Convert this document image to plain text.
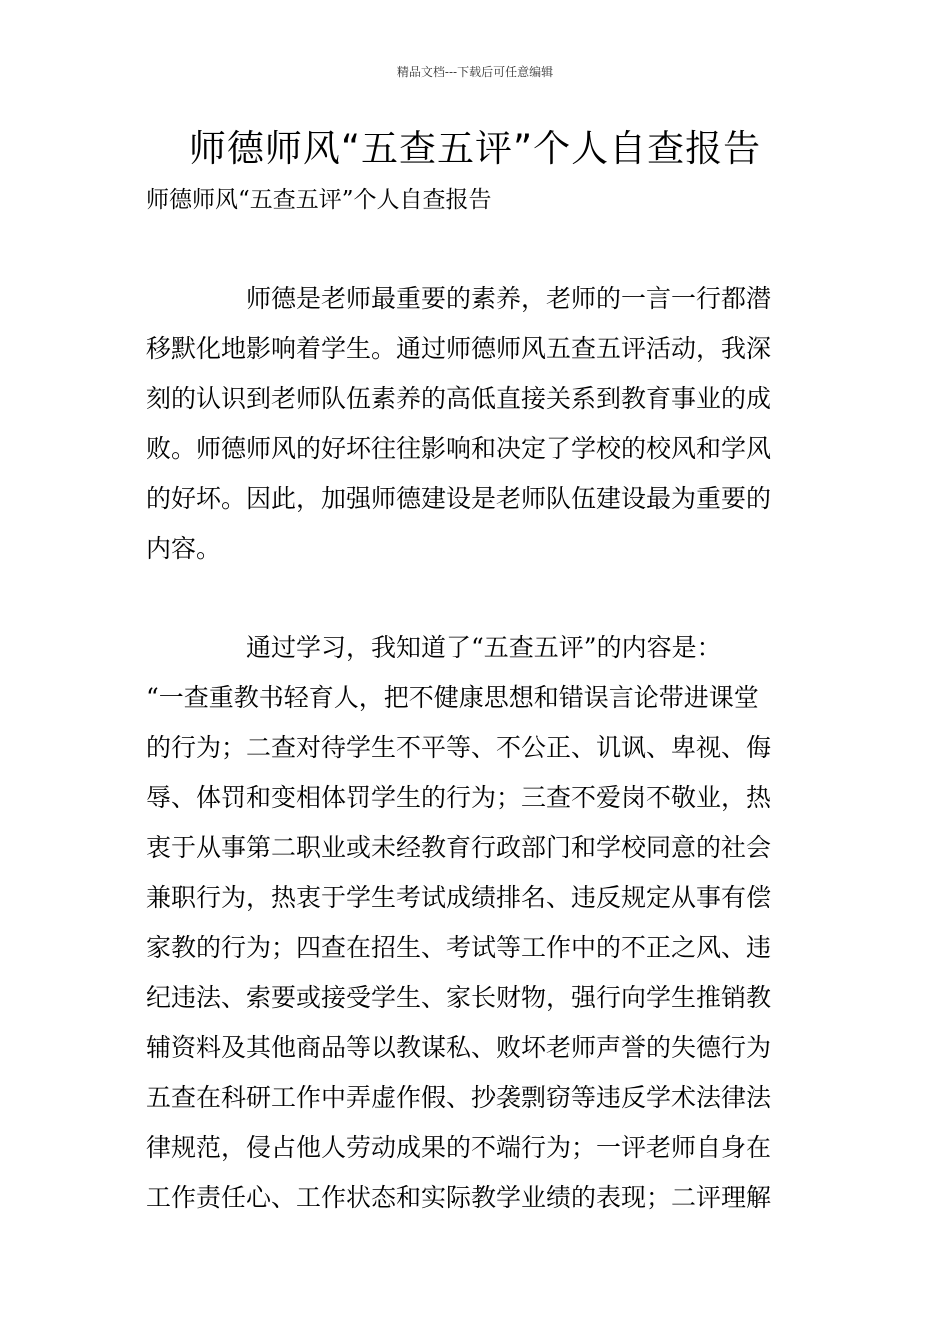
精品文档---下载后可任意编辑
师德师风“五查五评”个人自查报告
师德师风“五查五评”个人自查报告
　　　　师德是老师最重要的素养，老师的一言一行都潜
移默化地影响着学生。通过师德师风五查五评活动，我深
刻的认识到老师队伍素养的高低直接关系到教育事业的成
败。师德师风的好坏往往影响和决定了学校的校风和学风
的好坏。因此，加强师德建设是老师队伍建设最为重要的
内容。
　　　　通过学习，我知道了“五查五评”的内容是：
“一查重教书轻育人，把不健康思想和错误言论带进课堂
的行为；二查对待学生不平等、不公正、讥讽、卑视、侮
辱、体罚和变相体罚学生的行为；三查不爱岗不敬业，热
衷于从事第二职业或未经教育行政部门和学校同意的社会
兼职行为，热衷于学生考试成绩排名、违反规定从事有偿
家教的行为；四查在招生、考试等工作中的不正之风、违
纪违法、索要或接受学生、家长财物，强行向学生推销教
辅资料及其他商品等以教谋私、败坏老师声誉的失德行为
五查在科研工作中弄虚作假、抄袭剽窃等违反学术法律法
律规范，侵占他人劳动成果的不端行为；一评老师自身在
工作责任心、工作状态和实际教学业绩的表现；二评理解
